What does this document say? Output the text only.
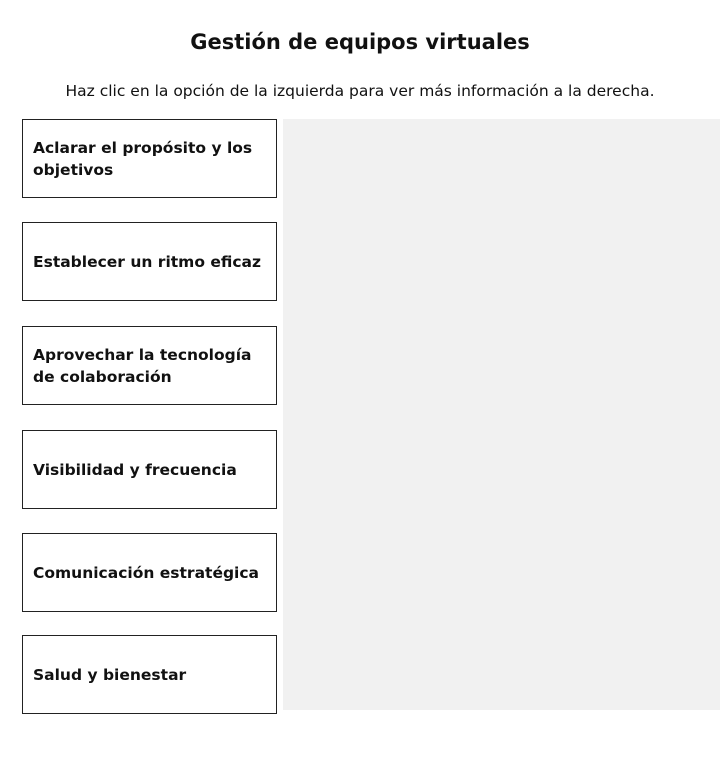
Gestión de equipos virtuales

Haz clic en la opción de la izquierda para ver más información a la derecha.

Aclarar el propósito y los objetivos
Establecer un ritmo eficaz
Aprovechar la tecnología de colaboración
Visibilidad y frecuencia
Comunicación estratégica
Salud y bienestar
